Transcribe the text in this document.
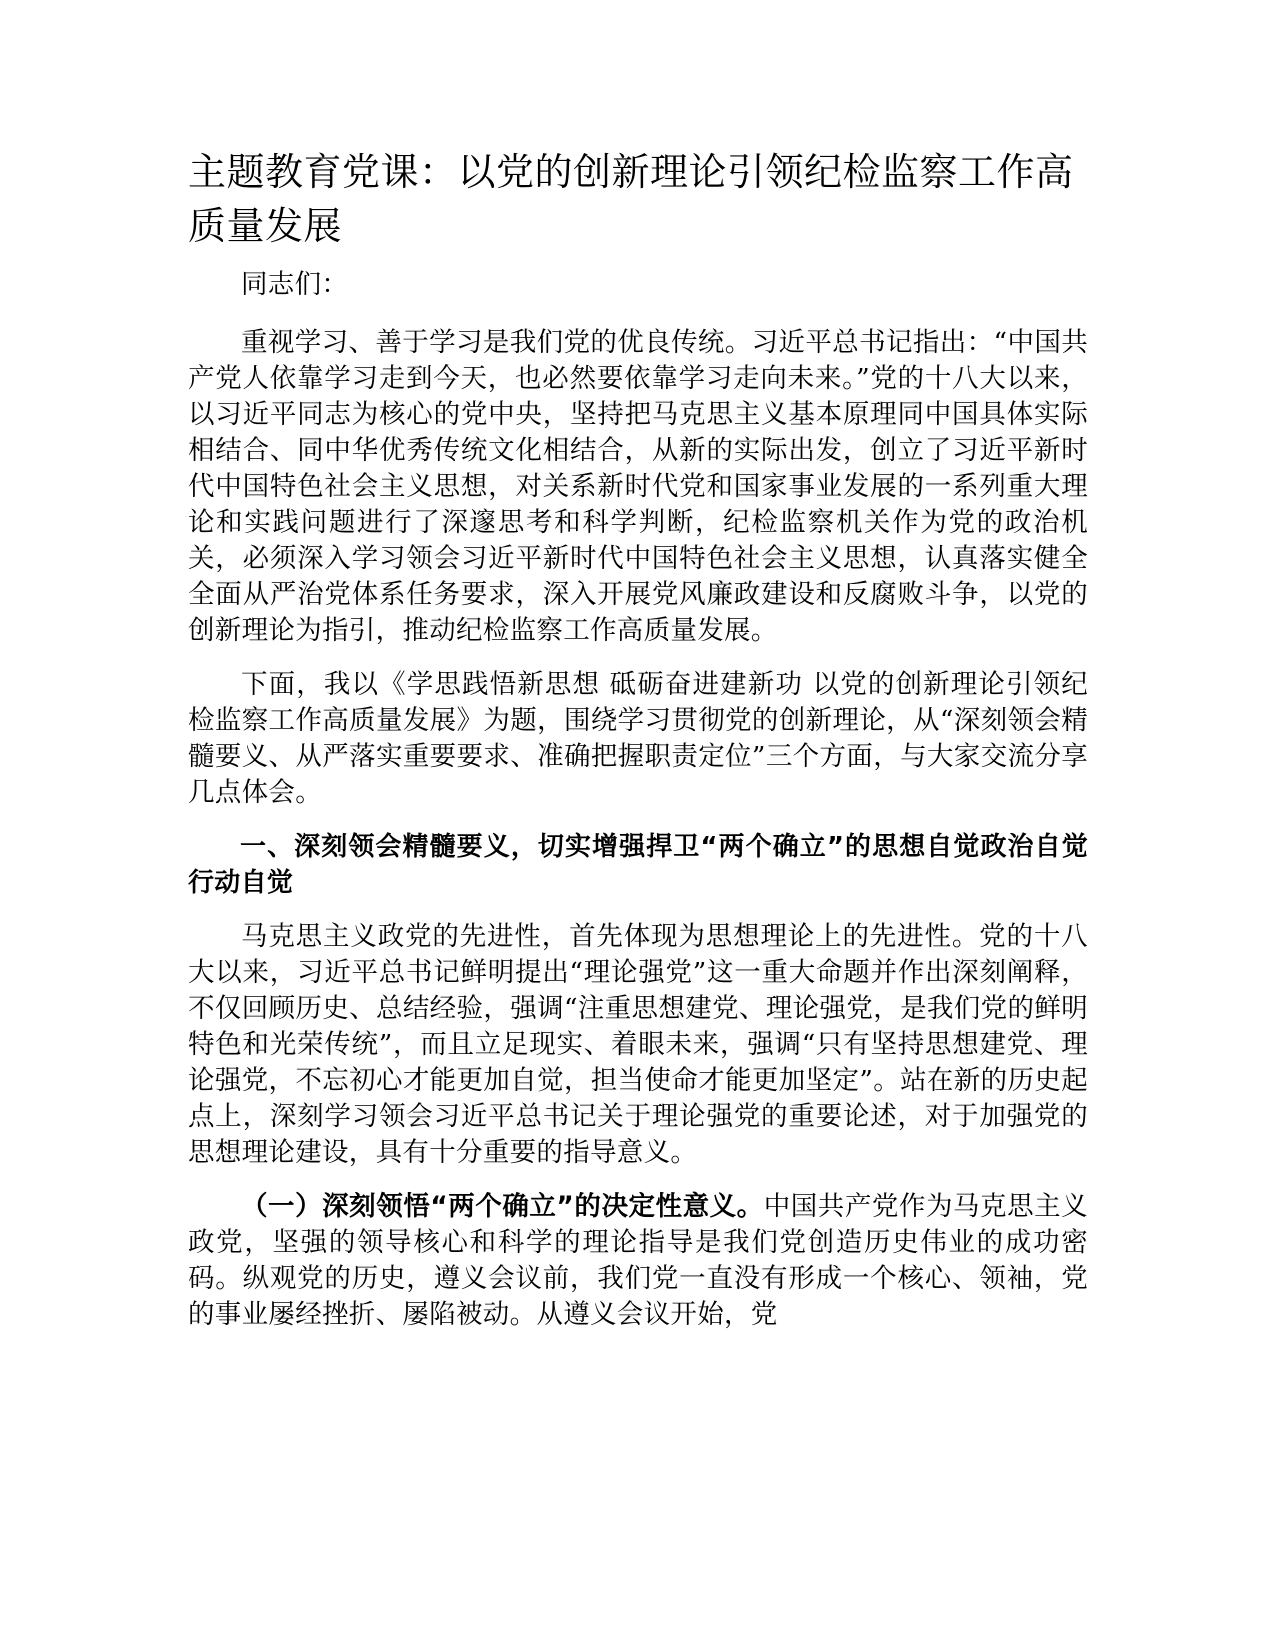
主题教育党课：以党的创新理论引领纪检监察工作高质量发展

同志们：

重视学习、善于学习是我们党的优良传统。习近平总书记指出：“中国共产党人依靠学习走到今天，也必然要依靠学习走向未来。”党的十八大以来，以习近平同志为核心的党中央，坚持把马克思主义基本原理同中国具体实际相结合、同中华优秀传统文化相结合，从新的实际出发，创立了习近平新时代中国特色社会主义思想，对关系新时代党和国家事业发展的一系列重大理论和实践问题进行了深邃思考和科学判断，纪检监察机关作为党的政治机关，必须深入学习领会习近平新时代中国特色社会主义思想，认真落实健全全面从严治党体系任务要求，深入开展党风廉政建设和反腐败斗争，以党的创新理论为指引，推动纪检监察工作高质量发展。

下面，我以《学思践悟新思想 砥砺奋进建新功 以党的创新理论引领纪检监察工作高质量发展》为题，围绕学习贯彻党的创新理论，从“深刻领会精髓要义、从严落实重要要求、准确把握职责定位”三个方面，与大家交流分享几点体会。

一、深刻领会精髓要义，切实增强捍卫“两个确立”的思想自觉政治自觉行动自觉

马克思主义政党的先进性，首先体现为思想理论上的先进性。党的十八大以来，习近平总书记鲜明提出“理论强党”这一重大命题并作出深刻阐释，不仅回顾历史、总结经验，强调“注重思想建党、理论强党，是我们党的鲜明特色和光荣传统”，而且立足现实、着眼未来，强调“只有坚持思想建党、理论强党，不忘初心才能更加自觉，担当使命才能更加坚定”。站在新的历史起点上，深刻学习领会习近平总书记关于理论强党的重要论述，对于加强党的思想理论建设，具有十分重要的指导意义。

（一）深刻领悟“两个确立”的决定性意义。中国共产党作为马克思主义政党，坚强的领导核心和科学的理论指导是我们党创造历史伟业的成功密码。纵观党的历史，遵义会议前，我们党一直没有形成一个核心、领袖，党的事业屡经挫折、屡陷被动。从遵义会议开始，党
